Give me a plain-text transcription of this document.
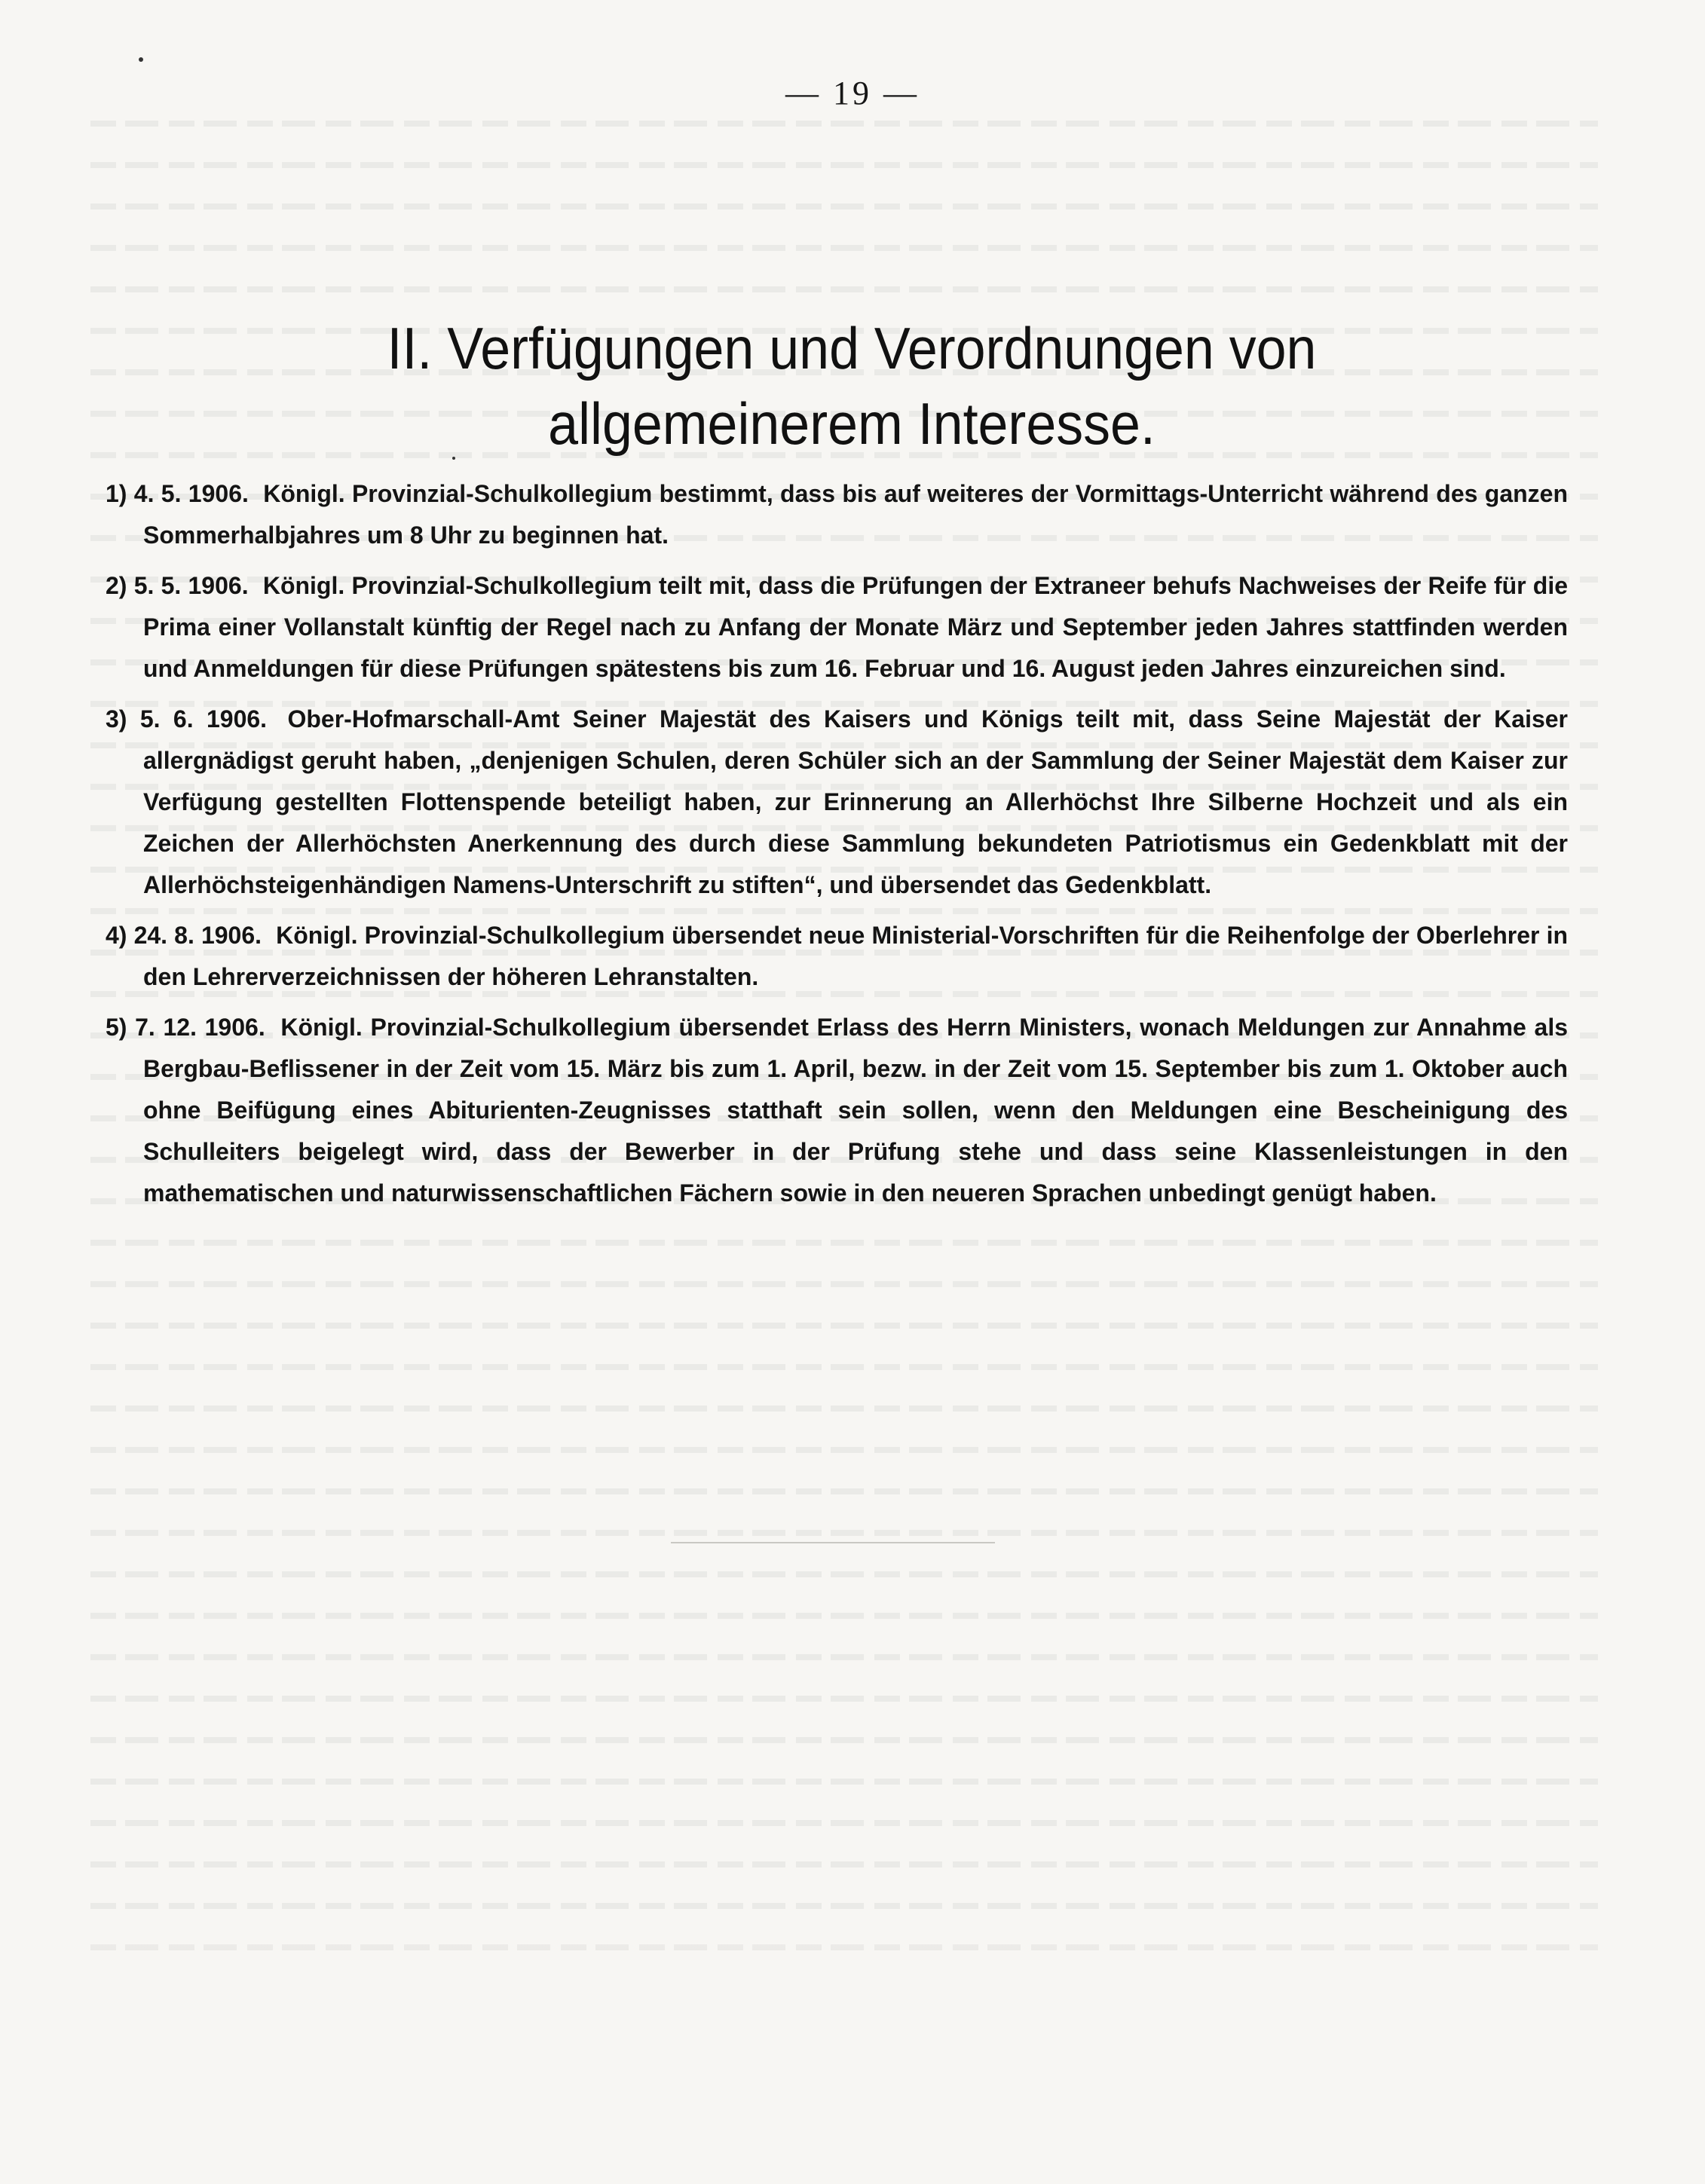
— 19 —
II. Verfügungen und Verordnungen von
allgemeinerem Interesse.

1) 4. 5. 1906. Königl. Provinzial-Schulkollegium bestimmt, dass bis auf weiteres der Vormittags-Unterricht während des ganzen Sommerhalbjahres um 8 Uhr zu beginnen hat.

2) 5. 5. 1906. Königl. Provinzial-Schulkollegium teilt mit, dass die Prüfungen der Extraneer behufs Nachweises der Reife für die Prima einer Vollanstalt künftig der Regel nach zu Anfang der Monate März und September jeden Jahres stattfinden werden und Anmeldungen für diese Prüfungen spätestens bis zum 16. Februar und 16. August jeden Jahres einzureichen sind.

3) 5. 6. 1906. Ober-Hofmarschall-Amt Seiner Majestät des Kaisers und Königs teilt mit, dass Seine Majestät der Kaiser allergnädigst geruht haben, „denjenigen Schulen, deren Schüler sich an der Sammlung der Seiner Majestät dem Kaiser zur Verfügung gestellten Flottenspende beteiligt haben, zur Erinnerung an Allerhöchst Ihre Silberne Hochzeit und als ein Zeichen der Allerhöchsten Anerkennung des durch diese Sammlung bekundeten Patriotismus ein Gedenkblatt mit der Allerhöchsteigenhändigen Namens-Unterschrift zu stiften“, und übersendet das Gedenkblatt.

4) 24. 8. 1906. Königl. Provinzial-Schulkollegium übersendet neue Ministerial-Vorschriften für die Reihenfolge der Oberlehrer in den Lehrerverzeichnissen der höheren Lehranstalten.

5) 7. 12. 1906. Königl. Provinzial-Schulkollegium übersendet Erlass des Herrn Ministers, wonach Meldungen zur Annahme als Bergbau-Beflissener in der Zeit vom 15. März bis zum 1. April, bezw. in der Zeit vom 15. September bis zum 1. Oktober auch ohne Beifügung eines Abiturienten-Zeugnisses statthaft sein sollen, wenn den Meldungen eine Bescheinigung des Schulleiters beigelegt wird, dass der Bewerber in der Prüfung stehe und dass seine Klassenleistungen in den mathematischen und naturwissenschaftlichen Fächern sowie in den neueren Sprachen unbedingt genügt haben.
